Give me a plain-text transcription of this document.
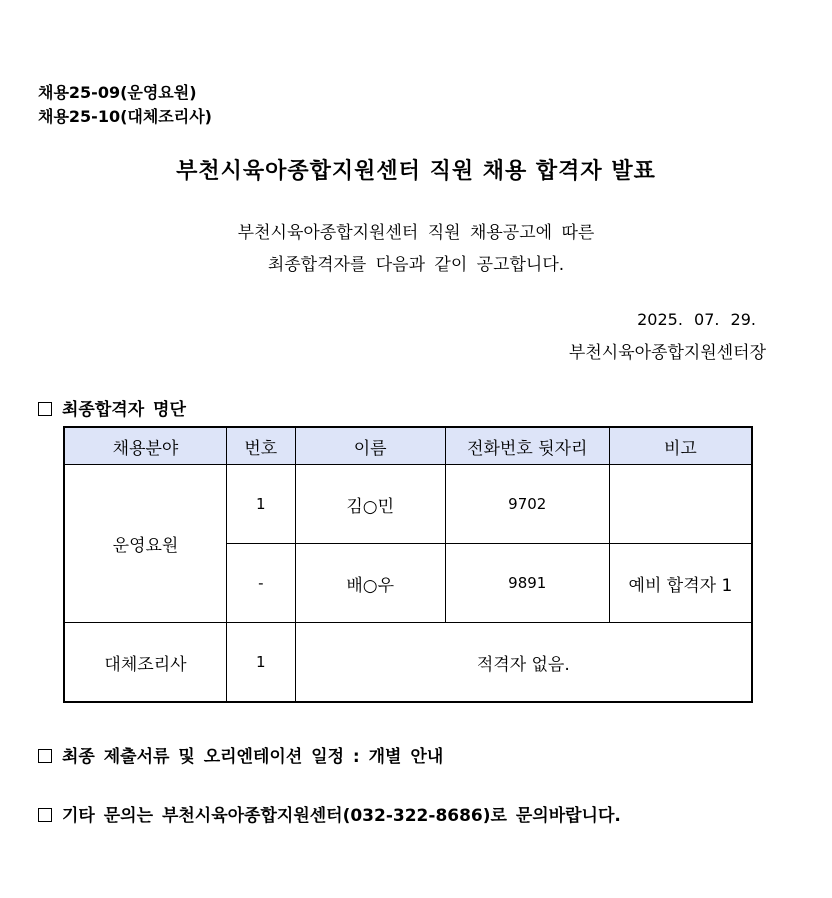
채용25-09(운영요원)
채용25-10(대체조리사)
부천시육아종합지원센터 직원 채용 합격자 발표
부천시육아종합지원센터 직원 채용공고에 따른
최종합격자를 다음과 같이 공고합니다.
2025. 07. 29.
부천시육아종합지원센터장
최종합격자 명단
채용분야	번호	이름	전화번호 뒷자리	비고
운영요원	1	김○민	9702	
	-	배○우	9891	예비 합격자 1
대체조리사	1	적격자 없음.		
최종 제출서류 및 오리엔테이션 일정 : 개별 안내
기타 문의는 부천시육아종합지원센터(032-322-8686)로 문의바랍니다.
